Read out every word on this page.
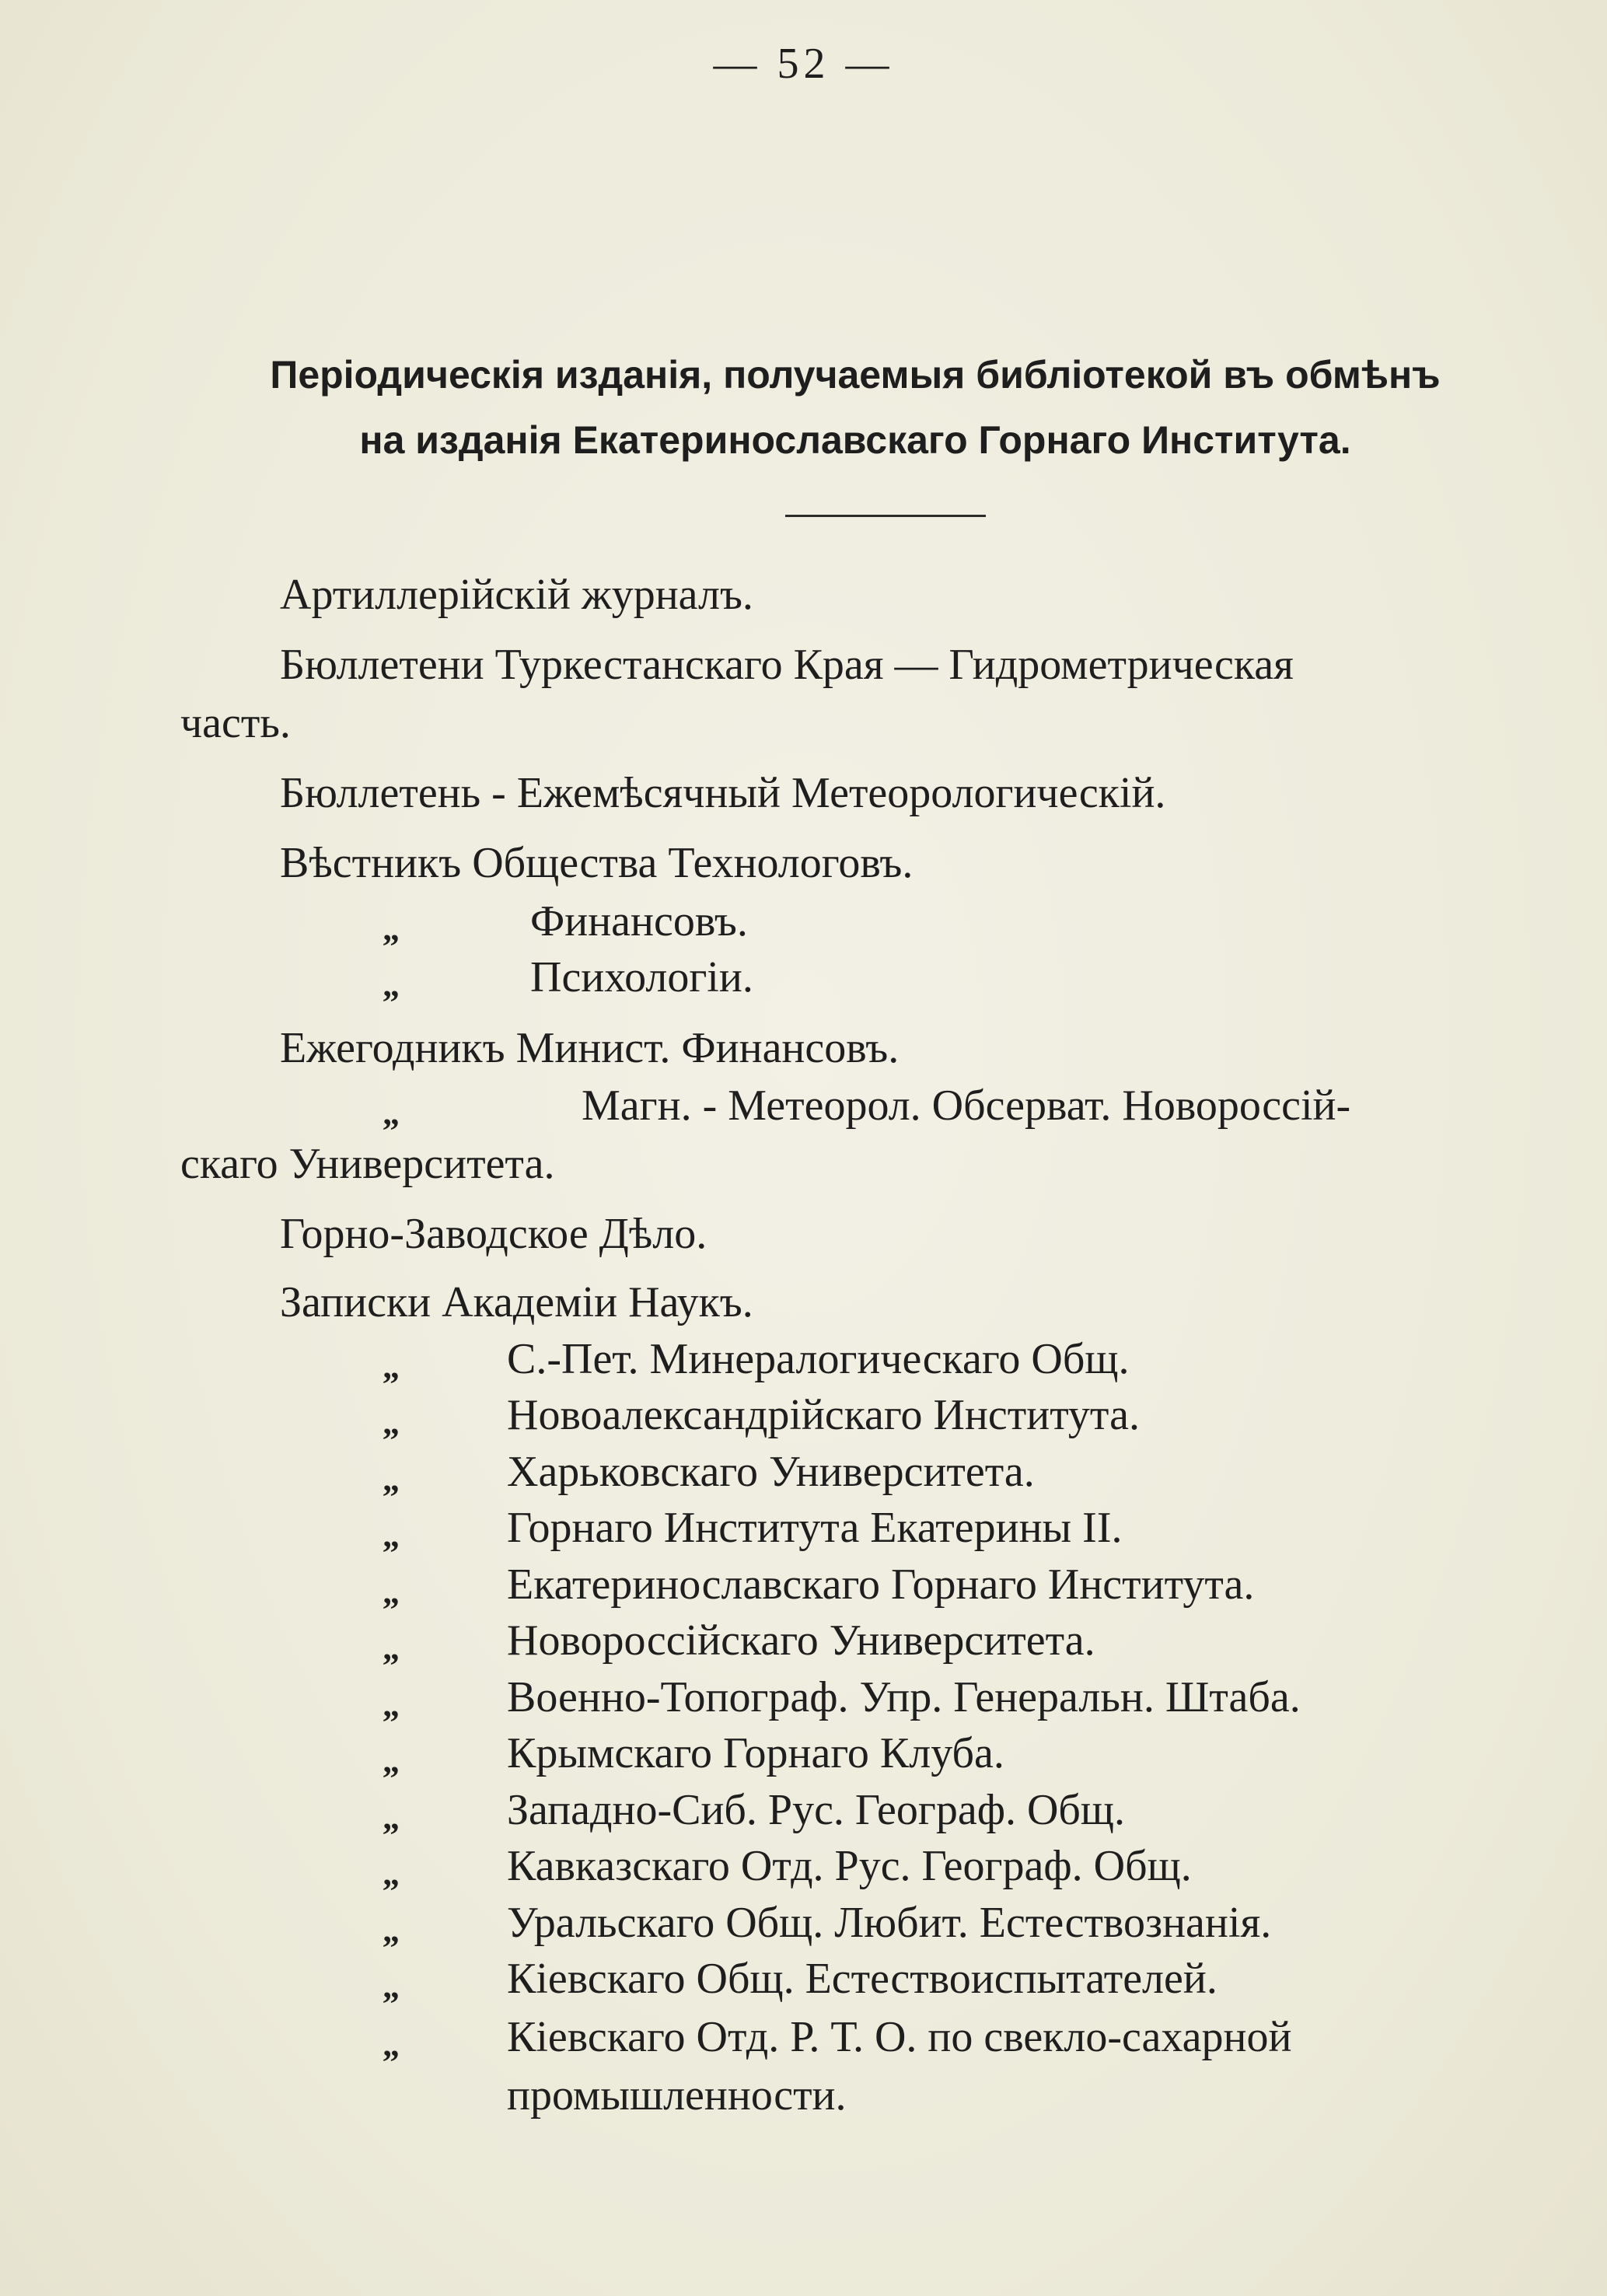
— 52 —
Періодическія изданія, получаемыя библіотекой въ обмѣнъ
на изданія Екатеринославскаго Горнаго Института.
Артиллерійскій журналъ.
Бюллетени Туркестанскаго Края — Гидрометрическая
часть.
Бюллетень - Ежемѣсячный Метеорологическій.
Вѣстникъ Общества Технологовъ.
„	Финансовъ.
„	Психологіи.
Ежегодникъ Минист. Финансовъ.
„	Магн. - Метеорол. Обсерват. Новороссій-
скаго Университета.
Горно-Заводское Дѣло.
Записки Академіи Наукъ.
„ С.-Пет. Минералогическаго Общ.
„ Новоалександрійскаго Института.
„ Харьковскаго Университета.
„ Горнаго Института Екатерины II.
„ Екатеринославскаго Горнаго Института.
„ Новороссійскаго Университета.
„ Военно-Топограф. Упр. Генеральн. Штаба.
„ Крымскаго Горнаго Клуба.
„ Западно-Сиб. Рус. Географ. Общ.
„ Кавказскаго Отд. Рус. Географ. Общ.
„ Уральскаго Общ. Любит. Естествознанія.
„ Кіевскаго Общ. Естествоиспытателей.
„ Кіевскаго Отд. Р. Т. О. по свекло-сахарной
промышленности.
